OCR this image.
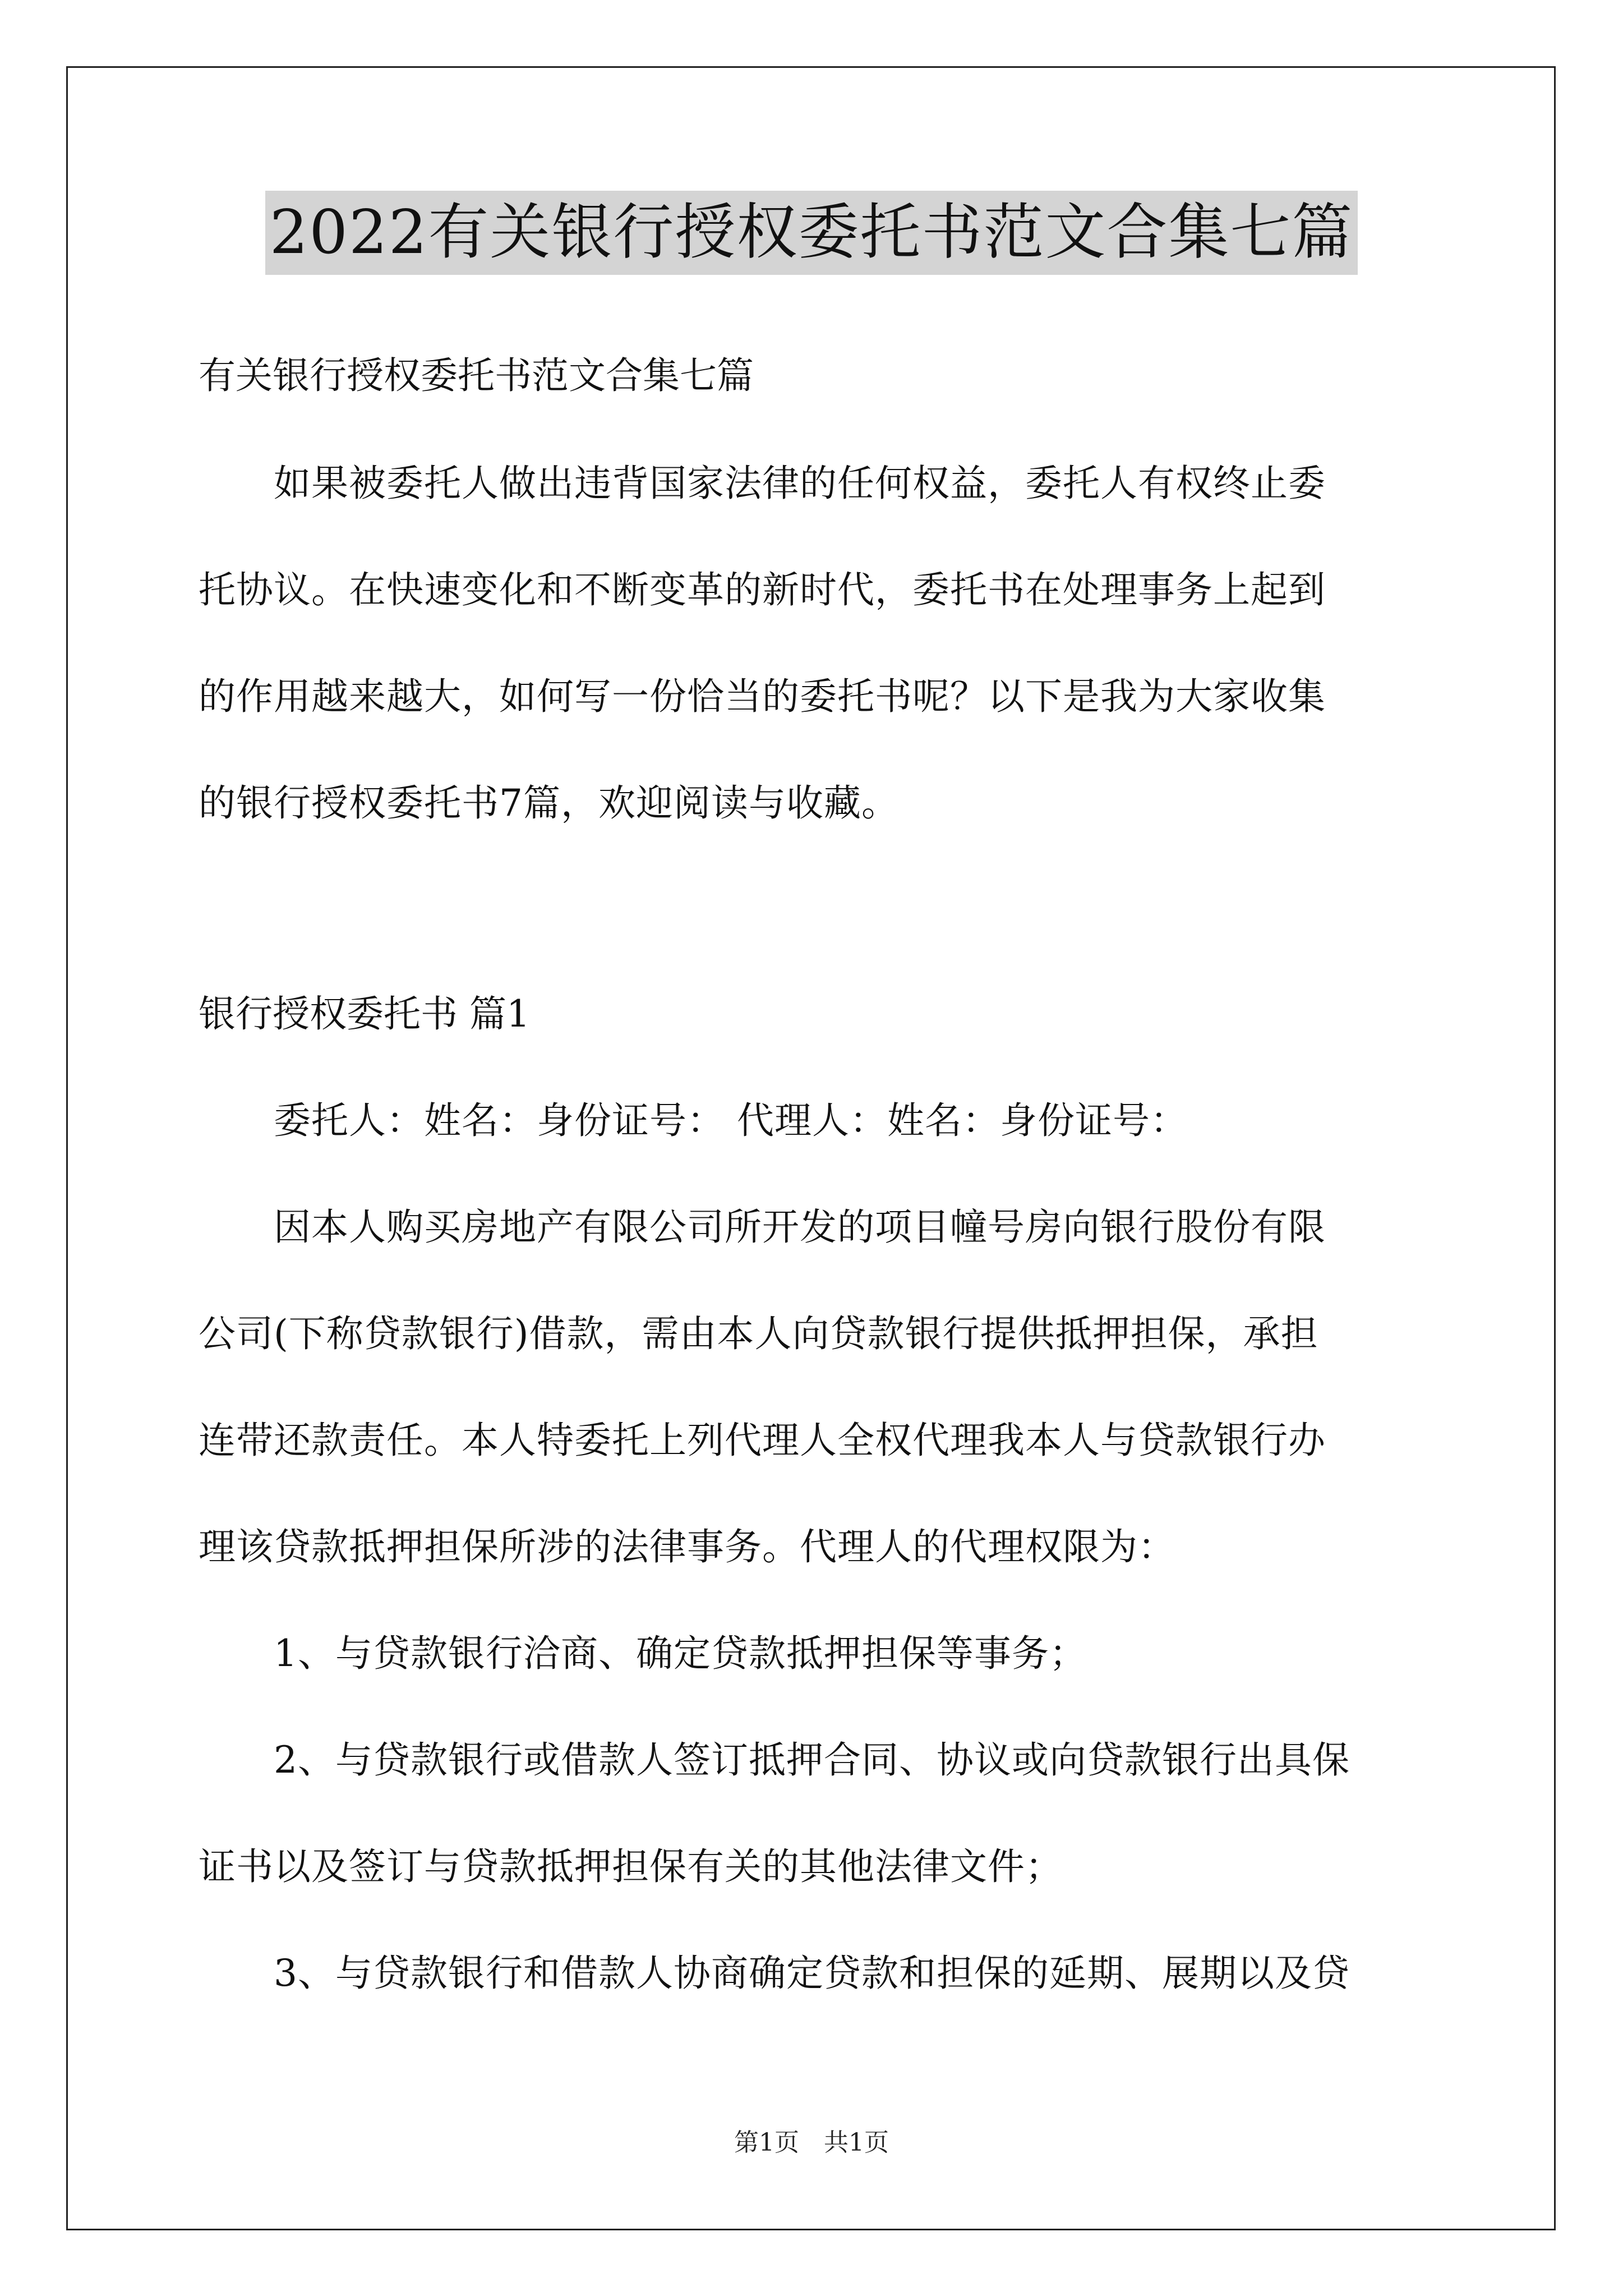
2022有关银行授权委托书范文合集七篇

有关银行授权委托书范文合集七篇

　　如果被委托人做出违背国家法律的任何权益，委托人有权终止委
托协议。在快速变化和不断变革的新时代，委托书在处理事务上起到
的作用越来越大，如何写一份恰当的委托书呢？以下是我为大家收集
的银行授权委托书7篇，欢迎阅读与收藏。

银行授权委托书 篇1

　　委托人：姓名：身份证号： 代理人：姓名：身份证号：

　　因本人购买房地产有限公司所开发的项目幢号房向银行股份有限
公司(下称贷款银行)借款，需由本人向贷款银行提供抵押担保，承担
连带还款责任。本人特委托上列代理人全权代理我本人与贷款银行办
理该贷款抵押担保所涉的法律事务。代理人的代理权限为：

　　1、与贷款银行洽商、确定贷款抵押担保等事务；

　　2、与贷款银行或借款人签订抵押合同、协议或向贷款银行出具保
证书以及签订与贷款抵押担保有关的其他法律文件；

　　3、与贷款银行和借款人协商确定贷款和担保的延期、展期以及贷

第1页　共1页
